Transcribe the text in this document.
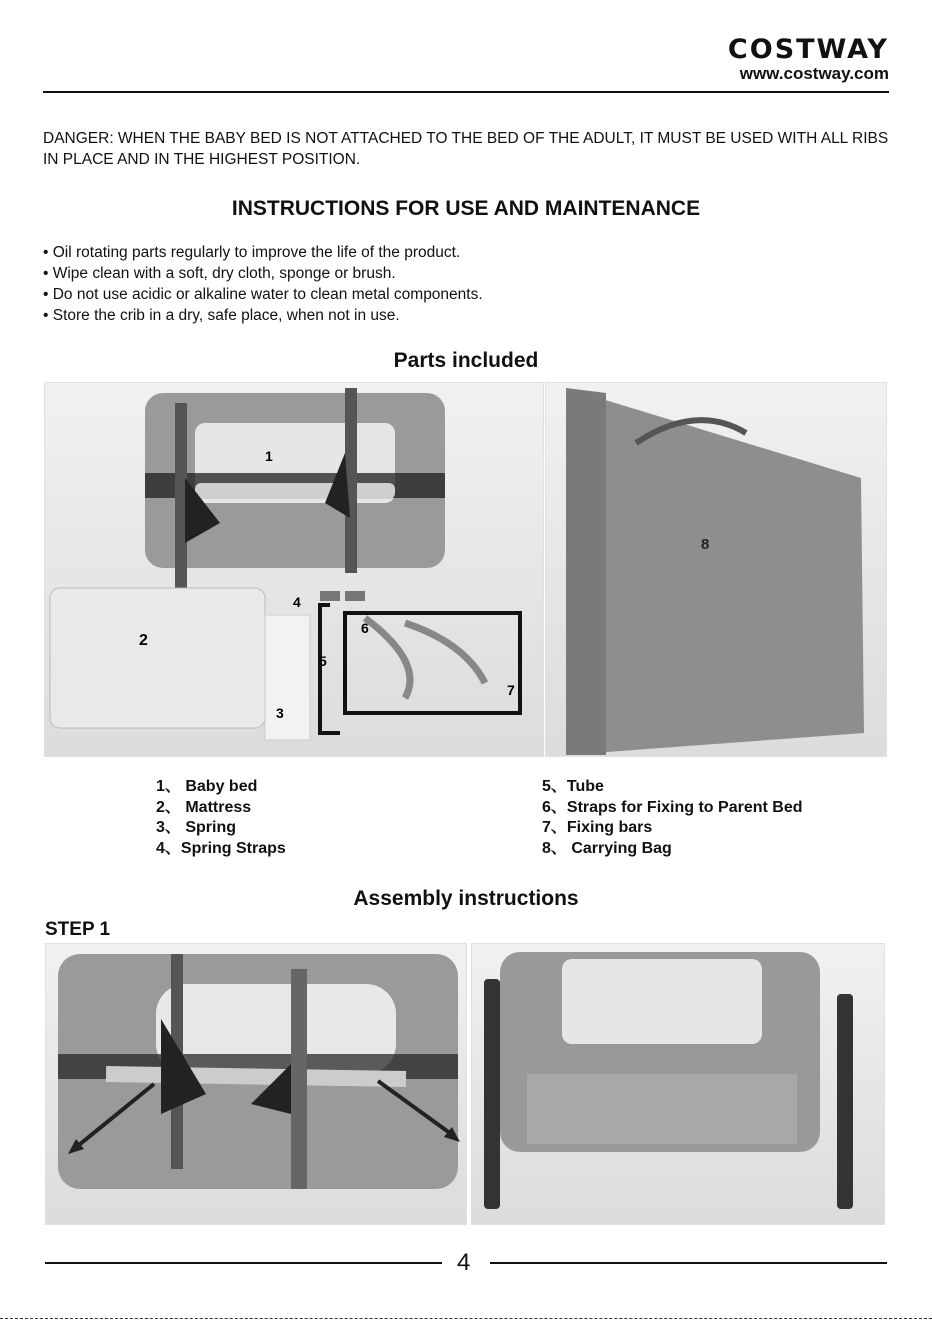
COSTWAY
www.costway.com
DANGER: WHEN THE BABY BED IS NOT ATTACHED TO THE BED OF THE ADULT, IT MUST BE USED WITH ALL RIBS IN PLACE AND IN THE HIGHEST POSITION.
INSTRUCTIONS FOR USE AND MAINTENANCE
• Oil rotating parts regularly to improve the life of the product.
• Wipe clean with a soft, dry cloth, sponge or brush.
• Do not use acidic or alkaline water to clean metal components.
• Store the crib in a dry, safe place, when not in use.
Parts included
1
2
3
4
5
6
7
8
1、 Baby bed
2、 Mattress
3、 Spring
4、Spring Straps
5、Tube
6、Straps for Fixing to Parent Bed
7、Fixing bars
8、 Carrying Bag
Assembly instructions
STEP 1
4
